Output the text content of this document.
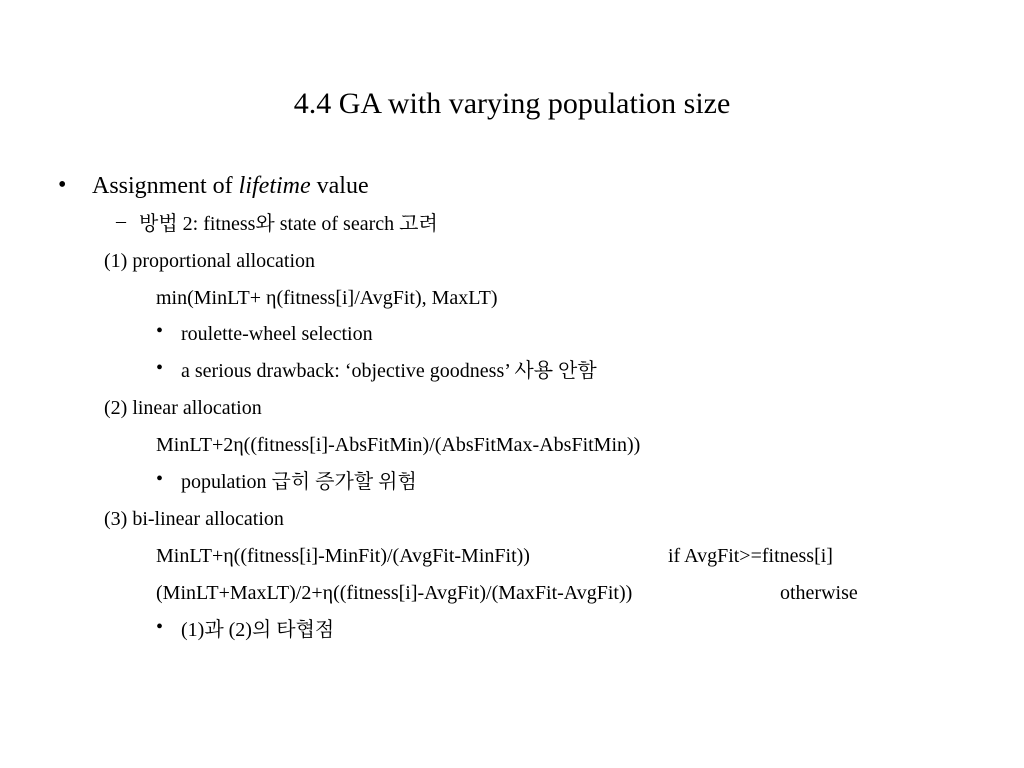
4.4 GA with varying population size
• Assignment of lifetime value
– 방법 2: fitness와 state of search 고려
(1) proportional allocation
min(MinLT+ η(fitness[i]/AvgFit), MaxLT)
• roulette-wheel selection
• a serious drawback: ‘objective goodness’ 사용 안함
(2) linear allocation
MinLT+2η((fitness[i]-AbsFitMin)/(AbsFitMax-AbsFitMin))
• population 급히 증가할 위험
(3) bi-linear allocation
MinLT+η((fitness[i]-MinFit)/(AvgFit-MinFit))	if AvgFit>=fitness[i]
(MinLT+MaxLT)/2+η((fitness[i]-AvgFit)/(MaxFit-AvgFit))	otherwise
• (1)과 (2)의 타협점
